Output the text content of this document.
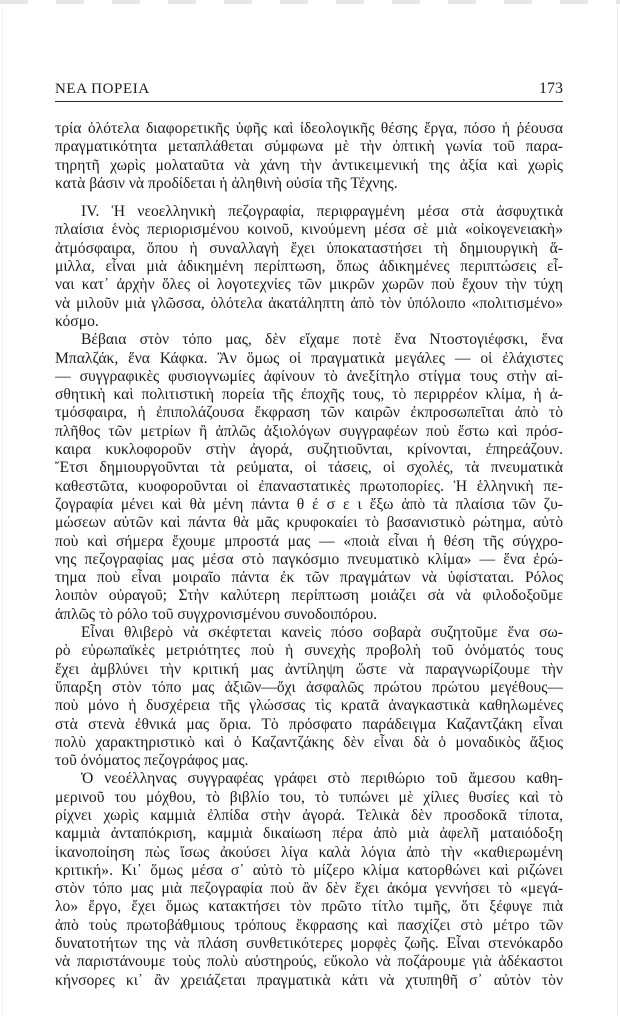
ΝΕΑ ΠΟΡΕΙΑ	173
τρία ὁλότελα διαφορετικῆς ὑφῆς καὶ ἰδεολογικῆς θέσης ἔργα, πόσο ἡ ῥέουσα
πραγματικότητα μεταπλάθεται σύμφωνα μὲ τὴν ὀπτικὴ γωνία τοῦ παρα-
τηρητῆ χωρὶς μολαταῦτα νὰ χάνη τὴν ἀντικειμενική της ἀξία καὶ χωρὶς
κατὰ βάσιν νὰ προδίδεται ἡ ἀληθινὴ οὐσία τῆς Τέχνης.
IV. Ἡ νεοελληνικὴ πεζογραφία, περιφραγμένη μέσα στὰ ἀσφυχτικὰ
πλαίσια ἑνὸς περιορισμένου κοινοῦ, κινούμενη μέσα σὲ μιὰ «οἰκογενειακὴ»
ἀτμόσφαιρα, ὅπου ἡ συναλλαγὴ ἔχει ὑποκαταστήσει τὴ δημιουργικὴ ἅ-
μιλλα, εἶναι μιὰ ἀδικημένη περίπτωση, ὅπως ἀδικημένες περιπτώσεις εἶ-
ναι κατ᾿ ἀρχὴν ὅλες οἱ λογοτεχνίες τῶν μικρῶν χωρῶν ποὺ ἔχουν τὴν τύχη
νὰ μιλοῦν μιὰ γλῶσσα, ὁλότελα ἀκατάληπτη ἀπὸ τὸν ὑπόλοιπο «πολιτισμένο»
κόσμο.
Βέβαια στὸν τόπο μας, δὲν εἴχαμε ποτὲ ἕνα Ντοστογιέφσκι, ἕνα
Μπαλζάκ, ἕνα Κάφκα. Ἂν ὅμως οἱ πραγματικὰ μεγάλες — οἱ ἐλάχιστες
— συγγραφικὲς φυσιογνωμίες ἀφίνουν τὸ ἀνεξίτηλο στίγμα τους στὴν αἰ-
σθητικὴ καὶ πολιτιστικὴ πορεία τῆς ἐποχῆς τους, τὸ περιρρέον κλίμα, ἡ ἀ-
τμόσφαιρα, ἡ ἐπιπολάζουσα ἔκφραση τῶν καιρῶν ἐκπροσωπεῖται ἀπὸ τὸ
πλῆθος τῶν μετρίων ἢ ἁπλῶς ἀξιολόγων συγγραφέων ποὺ ἔστω καὶ πρόσ-
καιρα κυκλοφοροῦν στὴν ἀγορά, συζητιοῦνται, κρίνονται, ἐπηρεάζουν.
Ἔτσι δημιουργοῦνται τὰ ρεύματα, οἱ τάσεις, οἱ σχολές, τὰ πνευματικὰ
καθεστῶτα, κυοφοροῦνται οἱ ἐπαναστατικὲς πρωτοπορίες. Ἡ ἑλληνικὴ πε-
ζογραφία μένει καὶ θὰ μένη πάντα θ έ σ ε ι ἔξω ἀπὸ τὰ πλαίσια τῶν ζυ-
μώσεων αὐτῶν καὶ πάντα θὰ μᾶς κρυφοκαίει τὸ βασανιστικὸ ρώτημα, αὐτὸ
ποὺ καὶ σήμερα ἔχουμε μπροστά μας — «ποιὰ εἶναι ἡ θέση τῆς σύγχρο-
νης πεζογραφίας μας μέσα στὸ παγκόσμιο πνευματικὸ κλίμα» — ἕνα ἐρώ-
τημα ποὺ εἶναι μοιραῖο πάντα ἐκ τῶν πραγμάτων νὰ ὑφίσταται. Ρόλος
λοιπὸν οὐραγοῦ; Στὴν καλύτερη περίπτωση μοιάζει σὰ νὰ φιλοδοξοῦμε
ἁπλῶς τὸ ρόλο τοῦ συγχρονισμένου συνοδοιπόρου.
Εἶναι θλιβερὸ νὰ σκέφτεται κανεὶς πόσο σοβαρὰ συζητοῦμε ἕνα σω-
ρὸ εὐρωπαϊκὲς μετριότητες ποὺ ἡ συνεχὴς προβολὴ τοῦ ὀνόματός τους
ἔχει ἀμβλύνει τὴν κριτική μας ἀντίληψη ὥστε νὰ παραγνωρίζουμε τὴν
ὕπαρξη στὸν τόπο μας ἀξιῶν—ὄχι ἀσφαλῶς πρώτου πρώτου μεγέθους—
ποὺ μόνο ἡ δυσχέρεια τῆς γλώσσας τὶς κρατᾶ ἀναγκαστικὰ καθηλωμένες
στὰ στενὰ ἐθνικά μας ὅρια. Τὸ πρόσφατο παράδειγμα Καζαντζάκη εἶναι
πολὺ χαρακτηριστικὸ καὶ ὁ Καζαντζάκης δὲν εἶναι δὰ ὁ μοναδικὸς ἄξιος
τοῦ ὀνόματος πεζογράφος μας.
Ὁ νεοέλληνας συγγραφέας γράφει στὸ περιθώριο τοῦ ἄμεσου καθη-
μερινοῦ του μόχθου, τὸ βιβλίο του, τὸ τυπώνει μὲ χίλιες θυσίες καὶ τὸ
ρίχνει χωρὶς καμμιὰ ἐλπίδα στὴν ἀγορά. Τελικὰ δὲν προσδοκᾶ τίποτα,
καμμιὰ ἀνταπόκριση, καμμιὰ δικαίωση πέρα ἀπὸ μιὰ ἀφελῆ ματαιόδοξη
ἱκανοποίηση πὼς ἴσως ἀκούσει λίγα καλὰ λόγια ἀπὸ τὴν «καθιερωμένη
κριτική». Κι᾿ ὅμως μέσα σ᾿ αὐτὸ τὸ μίζερο κλίμα κατορθώνει καὶ ριζώνει
στὸν τόπο μας μιὰ πεζογραφία ποὺ ἂν δὲν ἔχει ἀκόμα γεννήσει τὸ «μεγά-
λο» ἔργο, ἔχει ὅμως κατακτήσει τὸν πρῶτο τίτλο τιμῆς, ὅτι ξέφυγε πιὰ
ἀπὸ τοὺς πρωτοβάθμιους τρόπους ἔκφρασης καὶ πασχίζει στὸ μέτρο τῶν
δυνατοτήτων της νὰ πλάση συνθετικότερες μορφὲς ζωῆς. Εἶναι στενόκαρδο
νὰ παριστάνουμε τοὺς πολὺ αὐστηρούς, εὔκολο νὰ ποζάρουμε γιὰ ἀδέκαστοι
κήνσορες κι᾿ ἂν χρειάζεται πραγματικὰ κάτι νὰ χτυπηθῆ σ᾿ αὐτὸν τὸν
